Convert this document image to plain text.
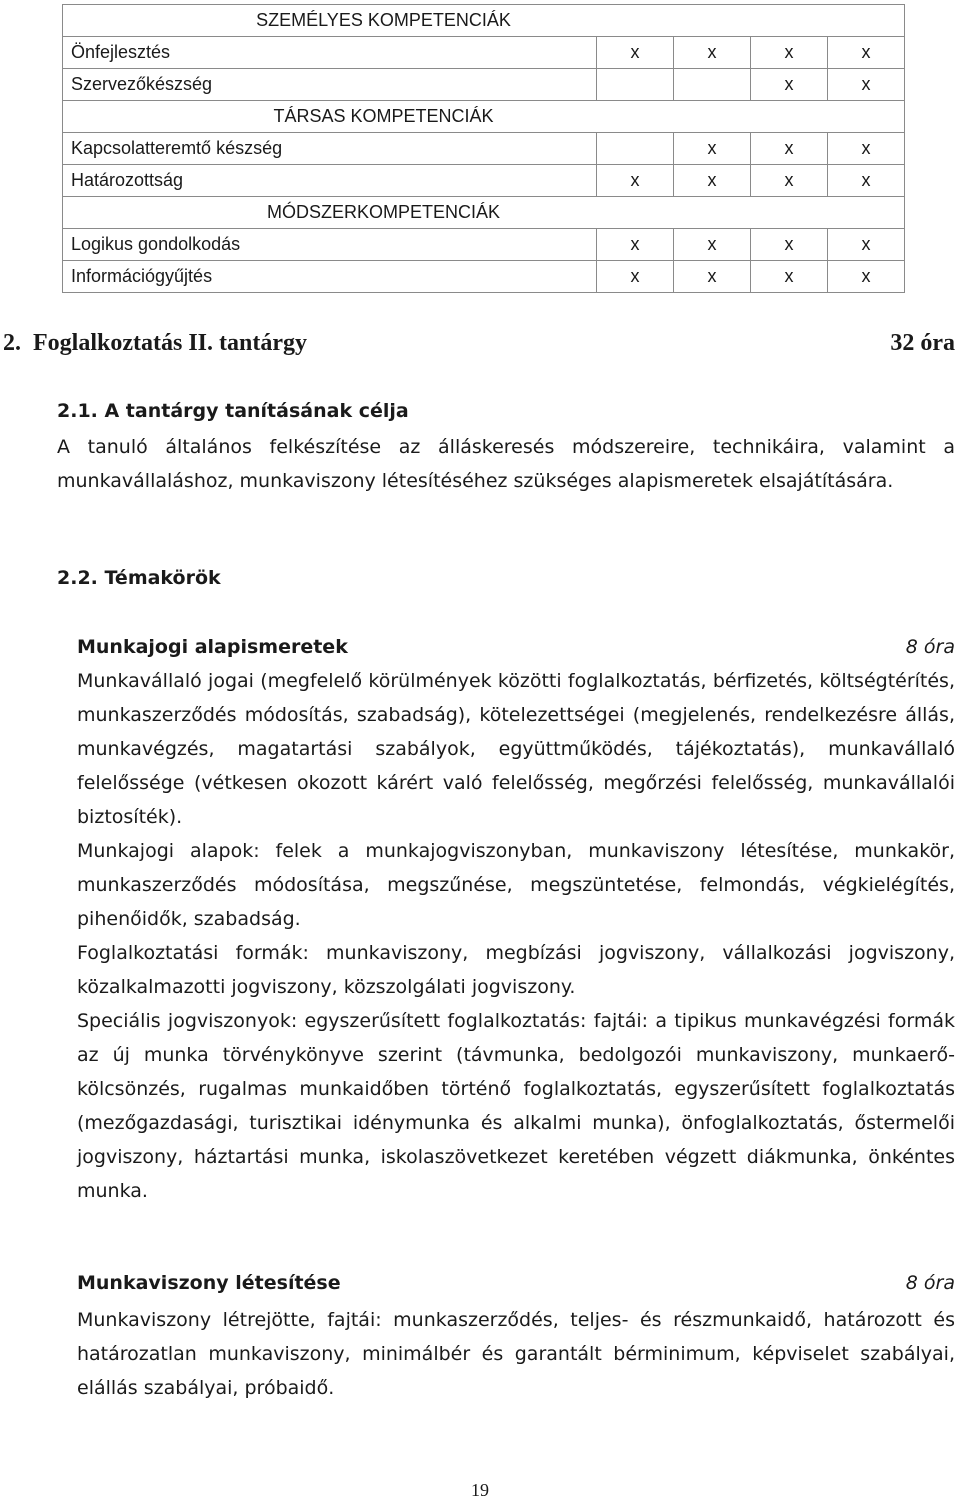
SZEMÉLYES KOMPETENCIÁK				
Önfejlesztés	x	x	x	x
Szervezőkészség			x	x
TÁRSAS KOMPETENCIÁK				
Kapcsolatteremtő készség		x	x	x
Határozottság	x	x	x	x
MÓDSZERKOMPETENCIÁK				
Logikus gondolkodás	x	x	x	x
Információgyűjtés	x	x	x	x
2.  Foglalkoztatás II. tantárgy	32 óra
2.1. A tantárgy tanításának célja

A tanuló általános felkészítése az álláskeresés módszereire, technikáira, valamint a munkavállaláshoz, munkaviszony létesítéséhez szükséges alapismeretek elsajátítására.

2.2. Témakörök
Munkajogi alapismeretek	8 óra

Munkavállaló jogai (megfelelő körülmények közötti foglalkoztatás, bérfizetés, költségtérítés, munkaszerződés módosítás, szabadság), kötelezettségei (megjelenés, rendelkezésre állás, munkavégzés, magatartási szabályok, együttműködés, tájékoztatás), munkavállaló felelőssége (vétkesen okozott kárért való felelősség, megőrzési felelősség, munkavállalói biztosíték).

Munkajogi alapok: felek a munkajogviszonyban, munkaviszony létesítése, munkakör, munkaszerződés módosítása, megszűnése, megszüntetése, felmondás, végkielégítés, pihenőidők, szabadság.

Foglalkoztatási formák: munkaviszony, megbízási jogviszony, vállalkozási jogviszony, közalkalmazotti jogviszony, közszolgálati jogviszony.

Speciális jogviszonyok: egyszerűsített foglalkoztatás: fajtái: a tipikus munkavégzési formák az új munka törvénykönyve szerint (távmunka, bedolgozói munkaviszony, munkaerő-kölcsönzés, rugalmas munkaidőben történő foglalkoztatás, egyszerűsített foglalkoztatás (mezőgazdasági, turisztikai idénymunka és alkalmi munka), önfoglalkoztatás, őstermelői jogviszony, háztartási munka, iskolaszövetkezet keretében végzett diákmunka, önkéntes munka.

Munkaviszony létesítése	8 óra

Munkaviszony létrejötte, fajtái: munkaszerződés, teljes- és részmunkaidő, határozott és határozatlan munkaviszony, minimálbér és garantált bérminimum, képviselet szabályai, elállás szabályai, próbaidő.

19
